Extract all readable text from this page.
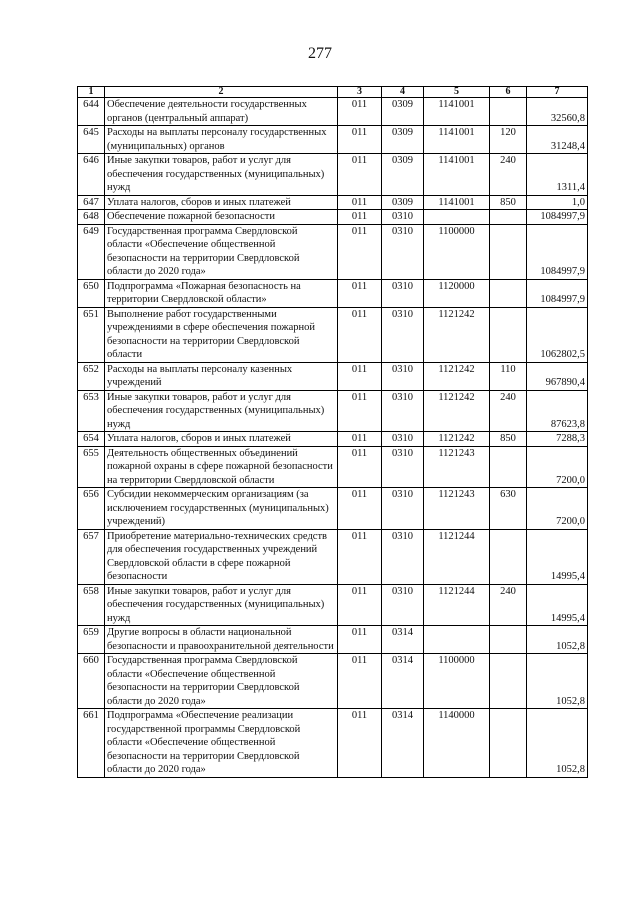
277
1	2	3	4	5	6	7
644	Обеспечение деятельности государственных органов (центральный аппарат)	011	0309	1141001		32560,8
645	Расходы на выплаты персоналу государственных (муниципальных) органов	011	0309	1141001	120	31248,4
646	Иные закупки товаров, работ и услуг для обеспечения государственных (муниципальных) нужд	011	0309	1141001	240	1311,4
647	Уплата налогов, сборов и иных платежей	011	0309	1141001	850	1,0
648	Обеспечение пожарной безопасности	011	0310			1084997,9
649	Государственная программа Свердловской области «Обеспечение общественной безопасности на территории Свердловской области до 2020 года»	011	0310	1100000		1084997,9
650	Подпрограмма «Пожарная безопасность на территории Свердловской области»	011	0310	1120000		1084997,9
651	Выполнение работ государственными учреждениями в сфере обеспечения пожарной безопасности на территории Свердловской области	011	0310	1121242		1062802,5
652	Расходы на выплаты персоналу казенных учреждений	011	0310	1121242	110	967890,4
653	Иные закупки товаров, работ и услуг для обеспечения государственных (муниципальных) нужд	011	0310	1121242	240	87623,8
654	Уплата налогов, сборов и иных платежей	011	0310	1121242	850	7288,3
655	Деятельность общественных объединений пожарной охраны в сфере пожарной безопасности на территории Свердловской области	011	0310	1121243		7200,0
656	Субсидии некоммерческим организациям (за исключением государственных (муниципальных) учреждений)	011	0310	1121243	630	7200,0
657	Приобретение материально-технических средств для обеспечения государственных учреждений Свердловской области в сфере пожарной безопасности	011	0310	1121244		14995,4
658	Иные закупки товаров, работ и услуг для обеспечения государственных (муниципальных) нужд	011	0310	1121244	240	14995,4
659	Другие вопросы в области национальной безопасности и правоохранительной деятельности	011	0314			1052,8
660	Государственная программа Свердловской области «Обеспечение общественной безопасности на территории Свердловской области до 2020 года»	011	0314	1100000		1052,8
661	Подпрограмма «Обеспечение реализации государственной программы Свердловской области «Обеспечение общественной безопасности на территории Свердловской области до 2020 года»	011	0314	1140000		1052,8
